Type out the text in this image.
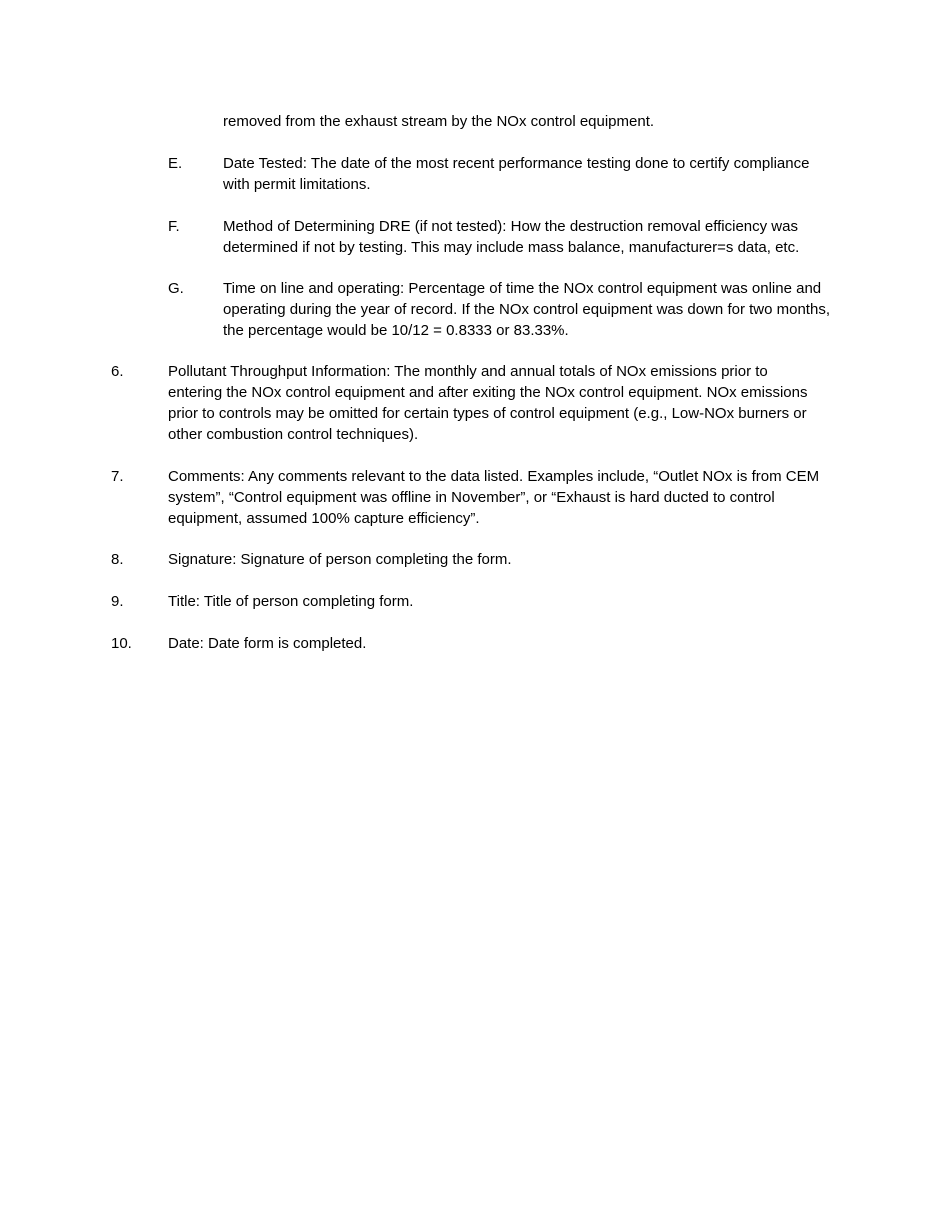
removed from the exhaust stream by the NOx control equipment.

E.	Date Tested: The date of the most recent performance testing done to certify compliance with permit limitations.
F.	Method of Determining DRE (if not tested): How the destruction removal efficiency was determined if not by testing. This may include mass balance, manufacturer=s data, etc.
G.	Time on line and operating: Percentage of time the NOx control equipment was online and operating during the year of record. If the NOx control equipment was down for two months, the percentage would be 10/12 = 0.8333 or 83.33%.
6.	Pollutant Throughput Information: The monthly and annual totals of NOx emissions prior to entering the NOx control equipment and after exiting the NOx control equipment. NOx emissions prior to controls may be omitted for certain types of control equipment (e.g., Low-NOx burners or other combustion control techniques).
7.	Comments: Any comments relevant to the data listed. Examples include, “Outlet NOx is from CEM system”, “Control equipment was offline in November”, or “Exhaust is hard ducted to control equipment, assumed 100% capture efficiency”.
8.	Signature: Signature of person completing the form.
9.	Title: Title of person completing form.
10. Date: Date form is completed.
